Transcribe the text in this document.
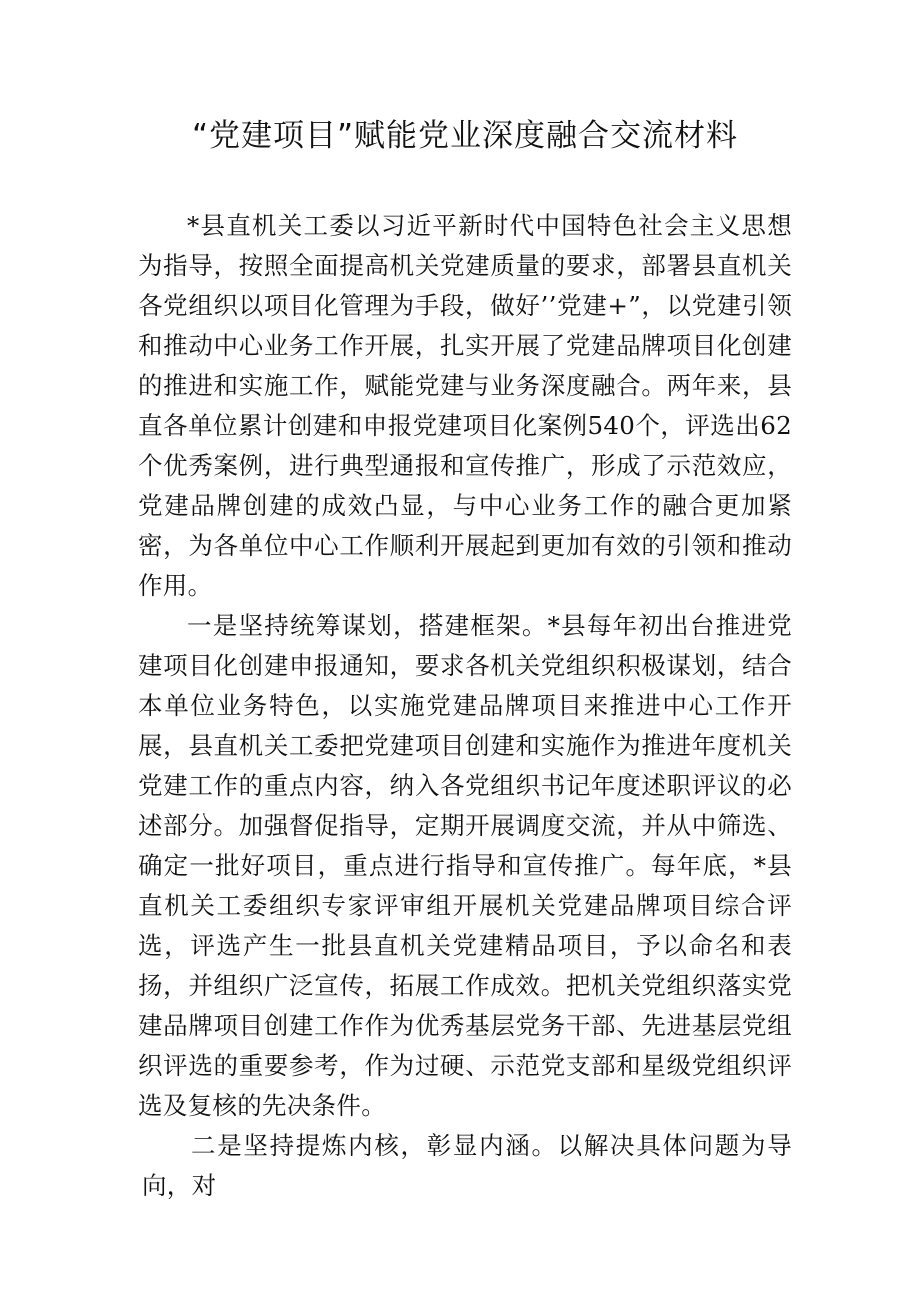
“党建项目”赋能党业深度融合交流材料

*县直机关工委以习近平新时代中国特色社会主义思想为指导，按照全面提高机关党建质量的要求，部署县直机关各党组织以项目化管理为手段，做好’’党建+”，以党建引领和推动中心业务工作开展，扎实开展了党建品牌项目化创建的推进和实施工作，赋能党建与业务深度融合。两年来，县直各单位累计创建和申报党建项目化案例540个，评选出62个优秀案例，进行典型通报和宣传推广，形成了示范效应，党建品牌创建的成效凸显，与中心业务工作的融合更加紧密，为各单位中心工作顺利开展起到更加有效的引领和推动作用。

一是坚持统筹谋划，搭建框架。*县每年初出台推进党建项目化创建申报通知，要求各机关党组织积极谋划，结合本单位业务特色，以实施党建品牌项目来推进中心工作开展，县直机关工委把党建项目创建和实施作为推进年度机关党建工作的重点内容，纳入各党组织书记年度述职评议的必述部分。加强督促指导，定期开展调度交流，并从中筛选、确定一批好项目，重点进行指导和宣传推广。每年底，*县直机关工委组织专家评审组开展机关党建品牌项目综合评选，评选产生一批县直机关党建精品项目，予以命名和表扬，并组织广泛宣传，拓展工作成效。把机关党组织落实党建品牌项目创建工作作为优秀基层党务干部、先进基层党组织评选的重要参考，作为过硬、示范党支部和星级党组织评选及复核的先决条件。

二是坚持提炼内核，彰显内涵。以解决具体问题为导向，对
